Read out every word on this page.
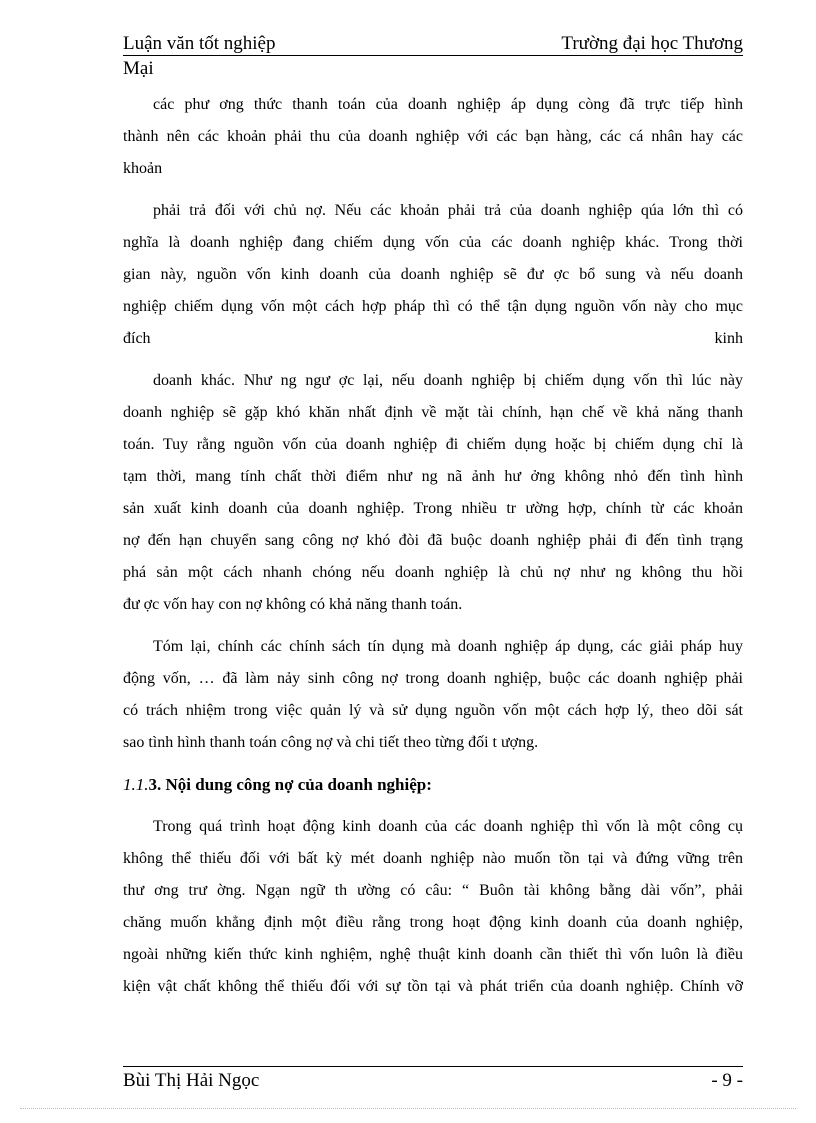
Luận văn tốt nghiệp	Trường đại học Thương
Mại
các phư ơng thức thanh toán của doanh nghiệp áp dụng còng đã trực tiếp hình
thành nên các khoản phải thu của doanh nghiệp với các bạn hàng, các cá nhân hay các
khoản
phải trả đối với chủ nợ. Nếu các khoản phải trả của doanh nghiệp qúa lớn thì có
nghĩa là doanh nghiệp đang chiếm dụng vốn của các doanh nghiệp khác. Trong thời
gian này, nguồn vốn kinh doanh của doanh nghiệp sẽ đư ợc bổ sung và nếu doanh
nghiệp chiếm dụng vốn một cách hợp pháp thì có thể tận dụng nguồn vốn này cho mục
đích	kinh
doanh khác. Như ng ngư ợc lại, nếu doanh nghiệp bị chiếm dụng vốn thì lúc này
doanh nghiệp sẽ gặp khó khăn nhất định về mặt tài chính, hạn chế về khả năng thanh
toán. Tuy rằng nguồn vốn của doanh nghiệp đi chiếm dụng hoặc bị chiếm dụng chỉ là
tạm thời, mang tính chất thời điểm như ng nã ảnh hư ởng không nhỏ đến tình hình
sản xuất kinh doanh của doanh nghiệp. Trong nhiều tr ường hợp, chính từ các khoản
nợ đến hạn chuyển sang công nợ khó đòi đã buộc doanh nghiệp phải đi đến tình trạng
phá sản một cách nhanh chóng nếu doanh nghiệp là chủ nợ như ng không thu hồi
đư ợc vốn hay con nợ không có khả năng thanh toán.
Tóm lại, chính các chính sách tín dụng mà doanh nghiệp áp dụng, các giải pháp huy
động vốn, … đã làm nảy sinh công nợ trong doanh nghiệp, buộc các doanh nghiệp phải
có trách nhiệm trong việc quản lý và sử dụng nguồn vốn một cách hợp lý, theo dõi sát
sao tình hình thanh toán công nợ và chi tiết theo từng đối t ượng.
1.1.3. Nội dung công nợ của doanh nghiệp:
Trong quá trình hoạt động kinh doanh của các doanh nghiệp thì vốn là một công cụ
không thể thiếu đối với bất kỳ mét doanh nghiệp nào muốn tồn tại và đứng vững trên
thư ơng trư ờng. Ngạn ngữ th ường có câu: “ Buôn tài không bằng dài vốn”, phải
chăng muốn khẳng định một điều rằng trong hoạt động kinh doanh của doanh nghiệp,
ngoài những kiến thức kinh nghiệm, nghệ thuật kinh doanh cần thiết thì vốn luôn là điều
kiện vật chất không thể thiếu đối với sự tồn tại và phát triển của doanh nghiệp. Chính vỡ
Bùi Thị Hải Ngọc	- 9 -
